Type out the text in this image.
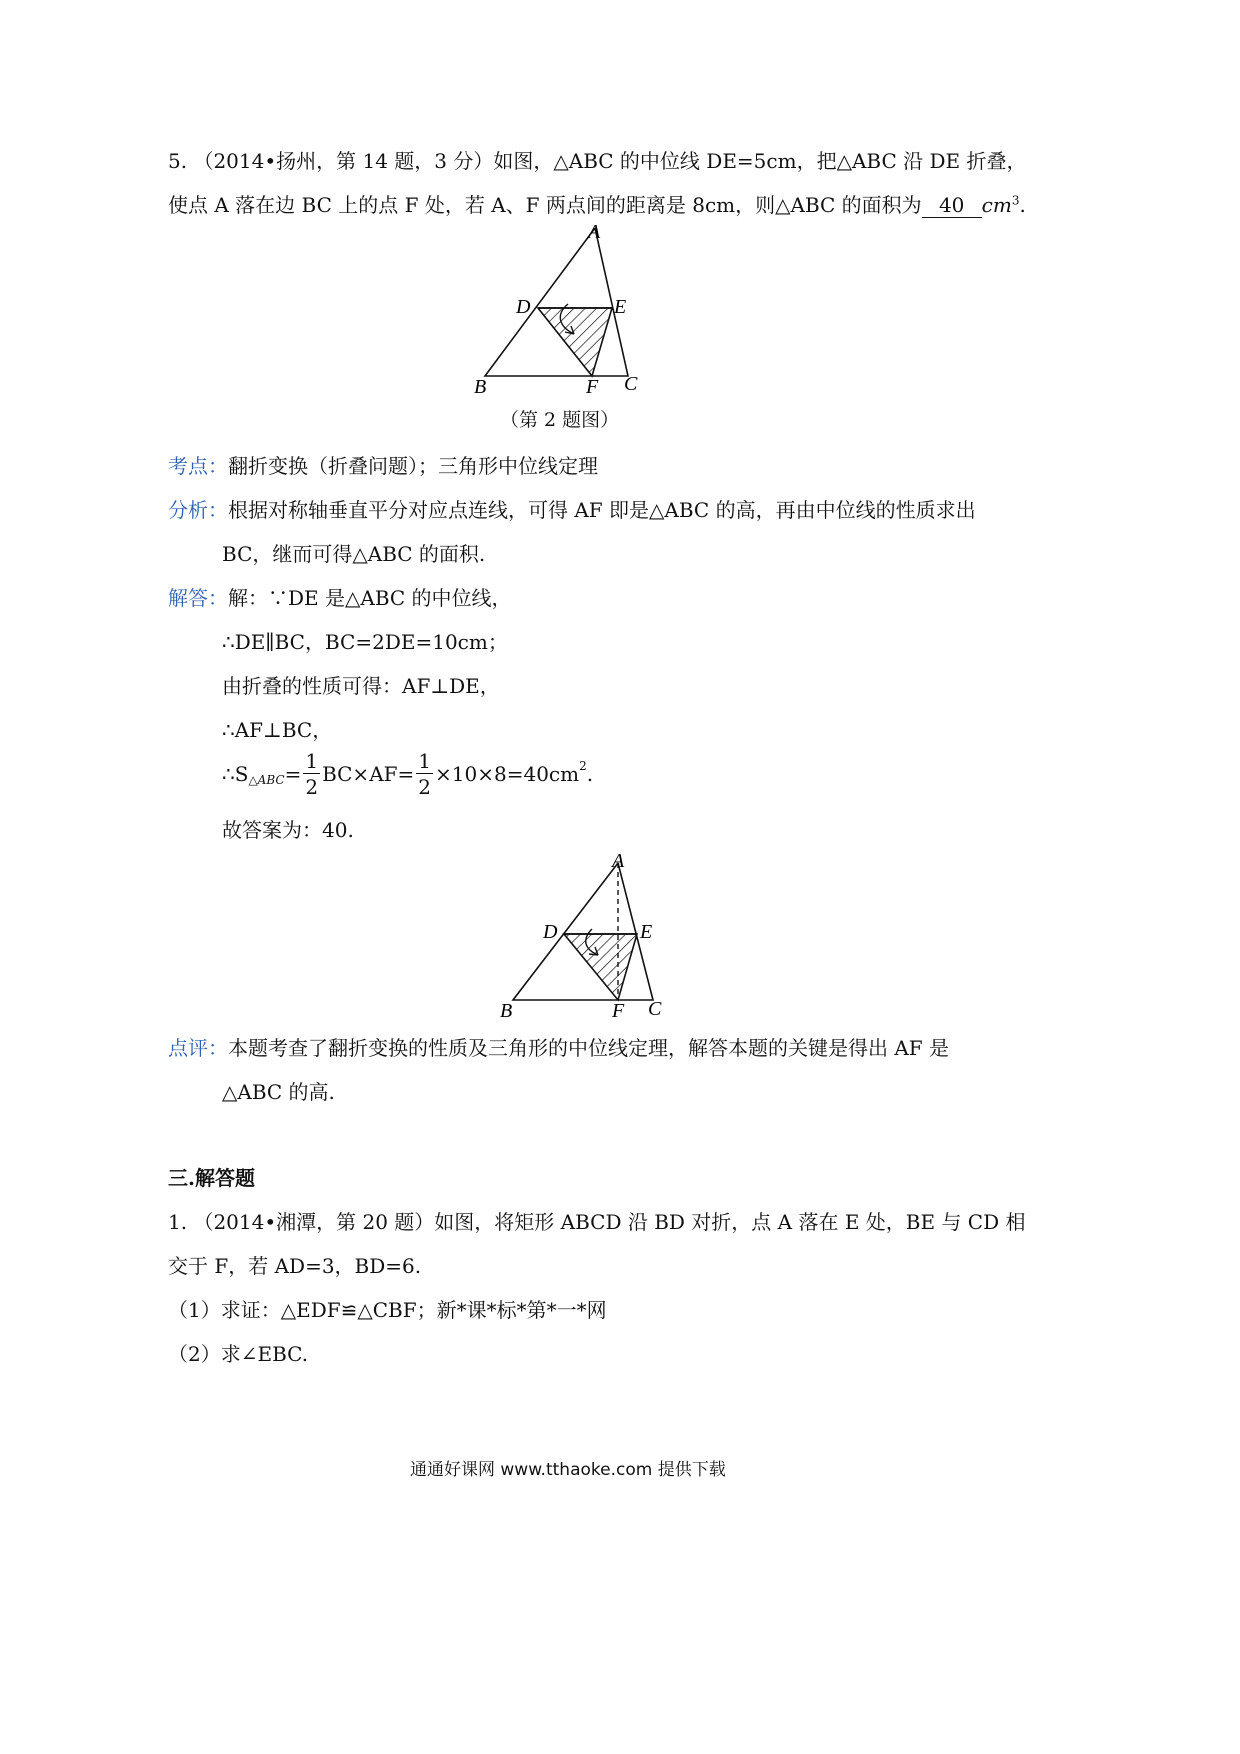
5. （2014•扬州，第 14 题，3 分）如图，△ABC 的中位线 DE=5cm，把△ABC 沿 DE 折叠，
使点 A 落在边 BC 上的点 F 处，若 A、F 两点间的距离是 8cm，则△ABC 的面积为 40 $cm^3$.
A
D	E
B	F C
（第 2 题图）
考点：翻折变换（折叠问题）；三角形中位线定理
分析：根据对称轴垂直平分对应点连线，可得 AF 即是△ABC 的高，再由中位线的性质求出
BC，继而可得△ABC 的面积.
解答：解：∵DE 是△ABC 的中位线，
∴DE∥BC，BC=2DE=10cm；
由折叠的性质可得：AF⊥DE，
∴AF⊥BC，
∴S △ABC = $\frac{1}{2} BC\times AF= \frac{1}{2} \times 10\times 8=40cm^2$ .
故答案为：40.
A
D	E
B	F C
点评：本题考查了翻折变换的性质及三角形的中位线定理，解答本题的关键是得出 AF 是
△ABC 的高.
三.解答题
1. （2014•湘潭，第 20 题）如图，将矩形 ABCD 沿 BD 对折，点 A 落在 E 处，BE 与 CD 相
交于 F，若 AD=3，BD=6.
（1）求证：△EDF≌△CBF；新*课*标*第*一*网
（2）求∠EBC.
通通好课网 www.tthaoke.com 提供下载
